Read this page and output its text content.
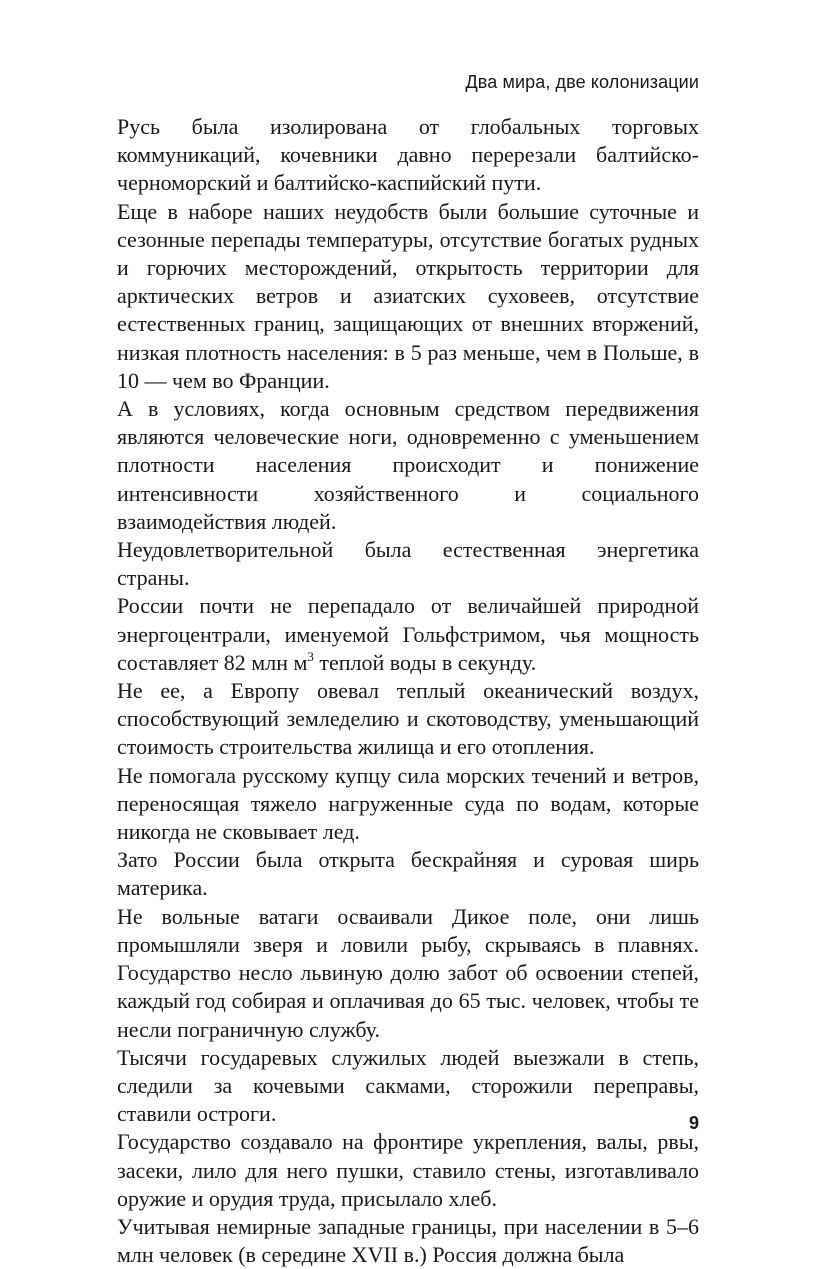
Два мира, две колонизации

Русь была изолирована от глобальных торговых коммуникаций, кочевники давно перерезали балтийско-черноморский и балтийско-каспийский пути.

Еще в наборе наших неудобств были большие суточные и сезонные перепады температуры, отсутствие богатых рудных и горючих месторождений, открытость территории для арктических ветров и азиатских суховеев, отсутствие естественных границ, защищающих от внешних вторжений, низкая плотность населения: в 5 раз меньше, чем в Польше, в 10 — чем во Франции.

А в условиях, когда основным средством передвижения являются человеческие ноги, одновременно с уменьшением плотности населения происходит и понижение интенсивности хозяйственного и социального взаимодействия людей.

Неудовлетворительной была естественная энергетика страны.

России почти не перепадало от величайшей природной энергоцентрали, именуемой Гольфстримом, чья мощность составляет 82 млн $м^3$ теплой воды в секунду.

Не ее, а Европу овевал теплый океанический воздух, способствующий земледелию и скотоводству, уменьшающий стоимость строительства жилища и его отопления.

Не помогала русскому купцу сила морских течений и ветров, переносящая тяжело нагруженные суда по водам, которые никогда не сковывает лед.

Зато России была открыта бескрайняя и суровая ширь материка.

Не вольные ватаги осваивали Дикое поле, они лишь промышляли зверя и ловили рыбу, скрываясь в плавнях. Государство несло львиную долю забот об освоении степей, каждый год собирая и оплачивая до 65 тыс. человек, чтобы те несли пограничную службу.

Тысячи государевых служилых людей выезжали в степь, следили за кочевыми сакмами, сторожили переправы, ставили остроги.

Государство создавало на фронтире укрепления, валы, рвы, засеки, лило для него пушки, ставило стены, изготавливало оружие и орудия труда, присылало хлеб.

Учитывая немирные западные границы, при населении в 5–6 млн человек (в середине XVII в.) Россия должна была

9
